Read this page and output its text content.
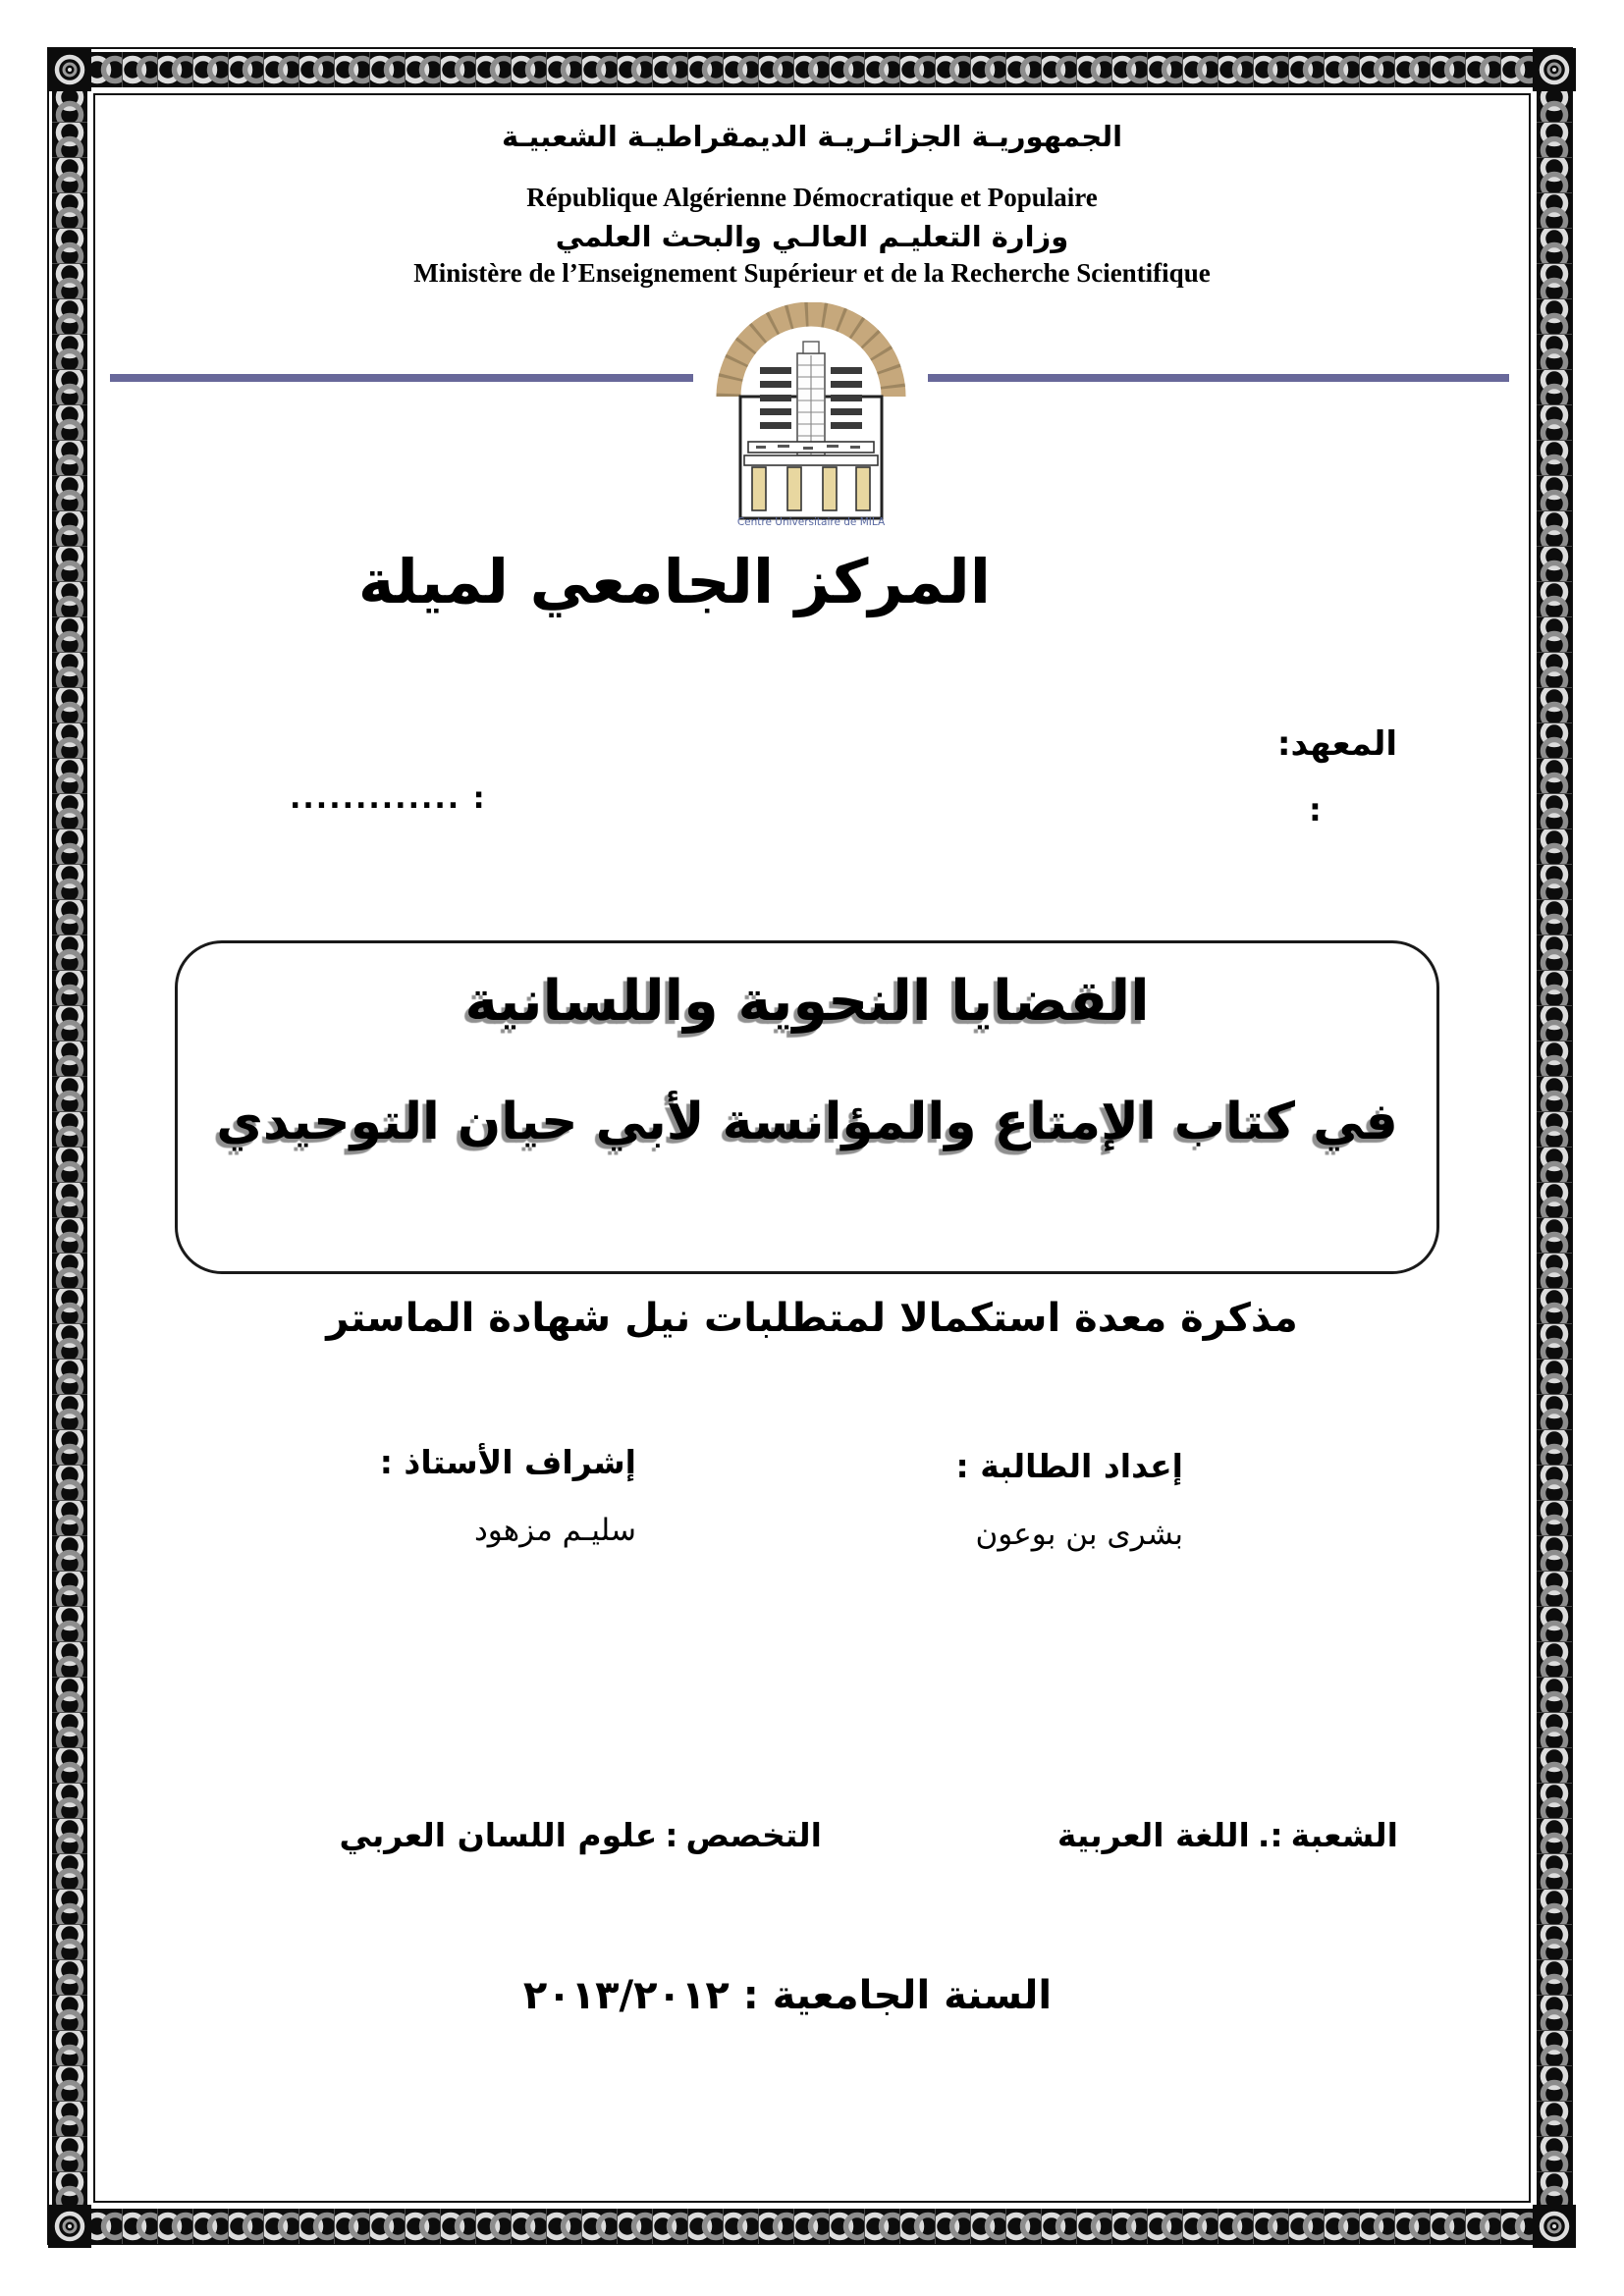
الجمهوريـة الجزائـريـة الديمقراطيـة الشعبيـة
République Algérienne Démocratique et Populaire
وزارة التعليـم العالـي والبحث العلمي
Ministère de l’Enseignement Supérieur et de la Recherche Scientifique
Centre Universitaire de MILA
المركز الجامعي لميلة
المعهد:
:
: .............
القضايا النحوية واللسانية
في كتاب الإمتاع والمؤانسة لأبي حيان التوحيدي
مذكرة معدة استكمالا لمتطلبات نيل شهادة الماستر
إعداد الطالبة :
بشرى بن بوعون
إشراف الأستاذ :
سليـم مزهود
الشعبة:.اللغة العربية
التخصص:علوم اللسان العربي
السنة الجامعية : ٢٠١٣/٢٠١٢
